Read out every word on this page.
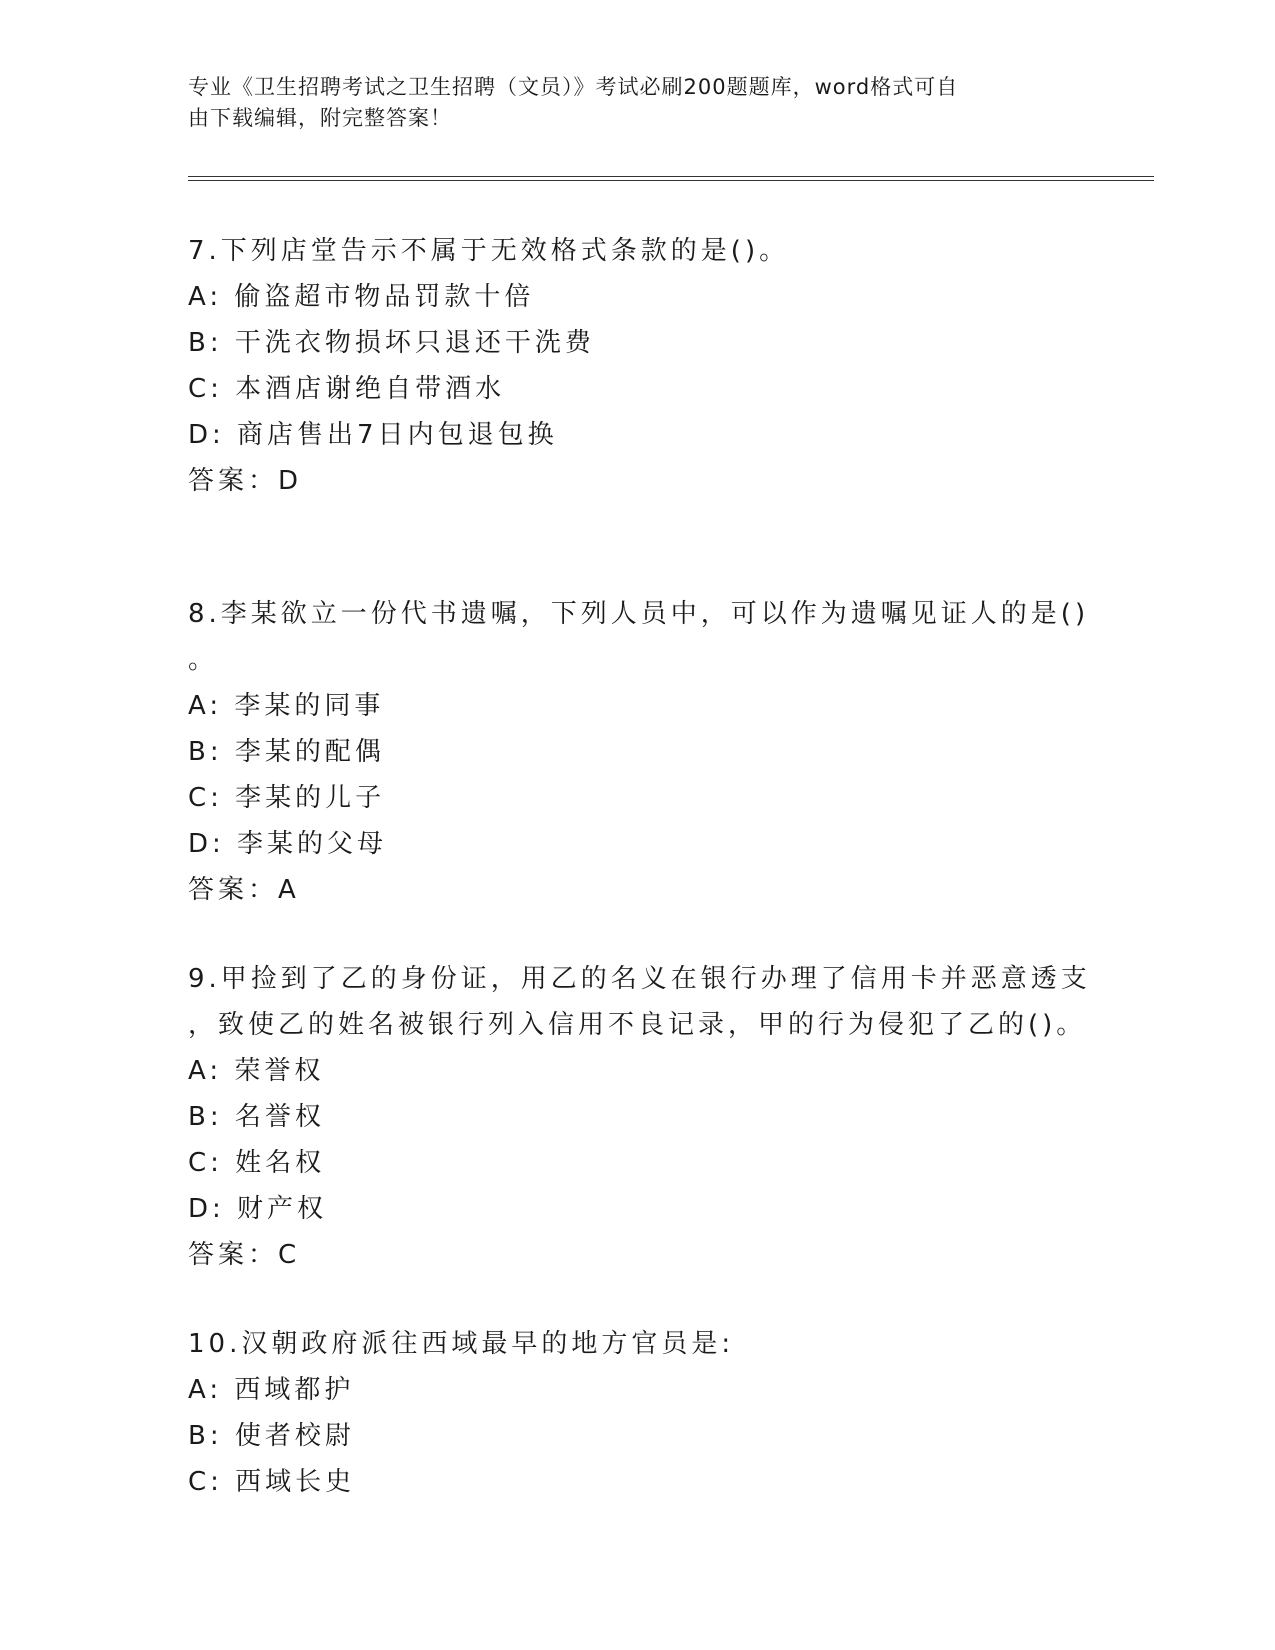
专业《卫生招聘考试之卫生招聘（文员）》考试必刷200题题库，word格式可自
由下载编辑，附完整答案！

7.下列店堂告示不属于无效格式条款的是()。

A: 偷盗超市物品罚款十倍

B: 干洗衣物损坏只退还干洗费

C: 本酒店谢绝自带酒水

D: 商店售出7日内包退包换

答案：D

8.李某欲立一份代书遗嘱，下列人员中，可以作为遗嘱见证人的是()

。

A: 李某的同事

B: 李某的配偶

C: 李某的儿子

D: 李某的父母

答案：A

9.甲捡到了乙的身份证，用乙的名义在银行办理了信用卡并恶意透支

，致使乙的姓名被银行列入信用不良记录，甲的行为侵犯了乙的()。

A: 荣誉权

B: 名誉权

C: 姓名权

D: 财产权

答案：C

10.汉朝政府派往西域最早的地方官员是:

A: 西域都护

B: 使者校尉

C: 西域长史
